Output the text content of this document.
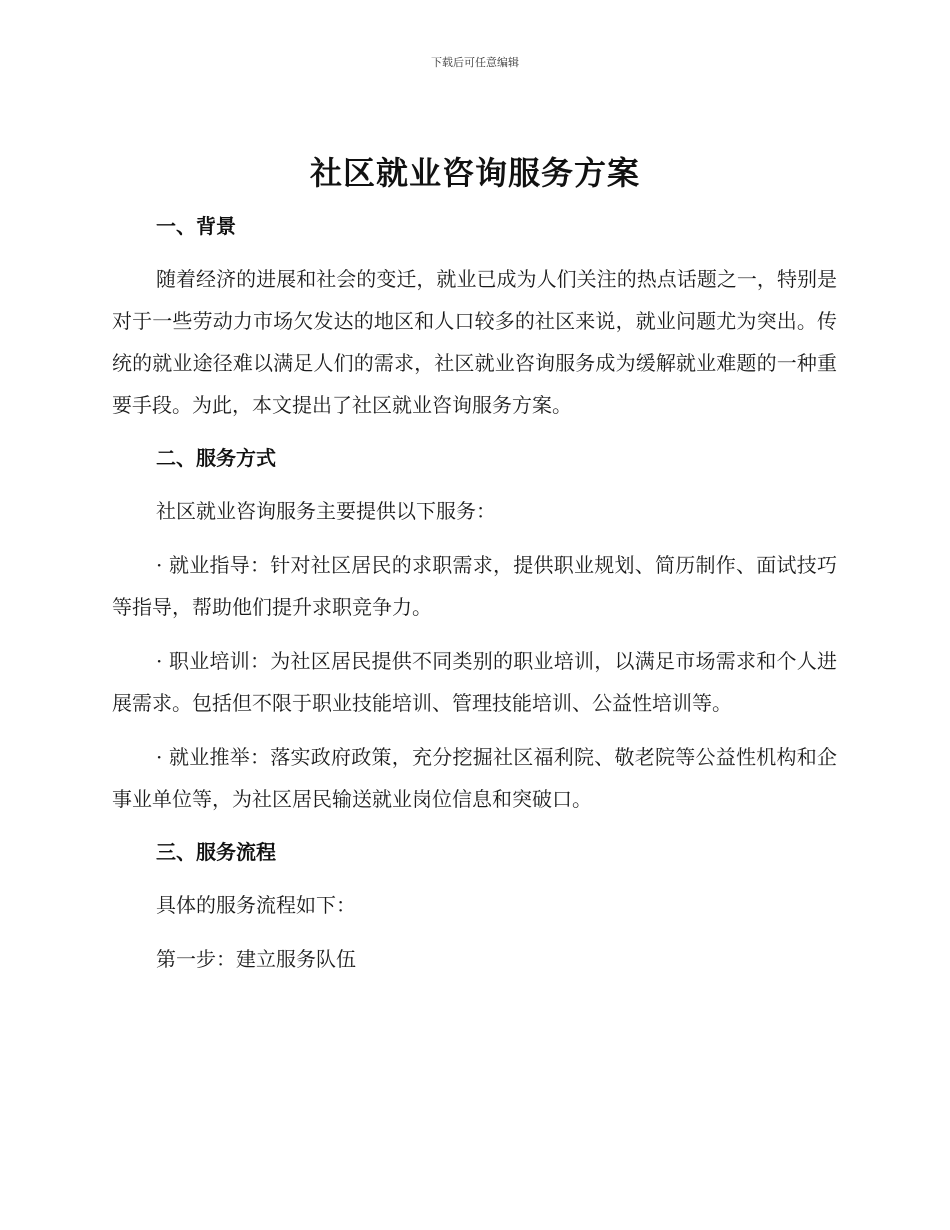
下载后可任意编辑
社区就业咨询服务方案
一、背景

随着经济的进展和社会的变迁，就业已成为人们关注的热点话题之一，特别是对于一些劳动力市场欠发达的地区和人口较多的社区来说，就业问题尤为突出。传统的就业途径难以满足人们的需求，社区就业咨询服务成为缓解就业难题的一种重要手段。为此，本文提出了社区就业咨询服务方案。

二、服务方式

社区就业咨询服务主要提供以下服务：

· 就业指导：针对社区居民的求职需求，提供职业规划、简历制作、面试技巧等指导，帮助他们提升求职竞争力。

· 职业培训：为社区居民提供不同类别的职业培训，以满足市场需求和个人进展需求。包括但不限于职业技能培训、管理技能培训、公益性培训等。

· 就业推举：落实政府政策，充分挖掘社区福利院、敬老院等公益性机构和企事业单位等，为社区居民输送就业岗位信息和突破口。

三、服务流程

具体的服务流程如下：

第一步：建立服务队伍
